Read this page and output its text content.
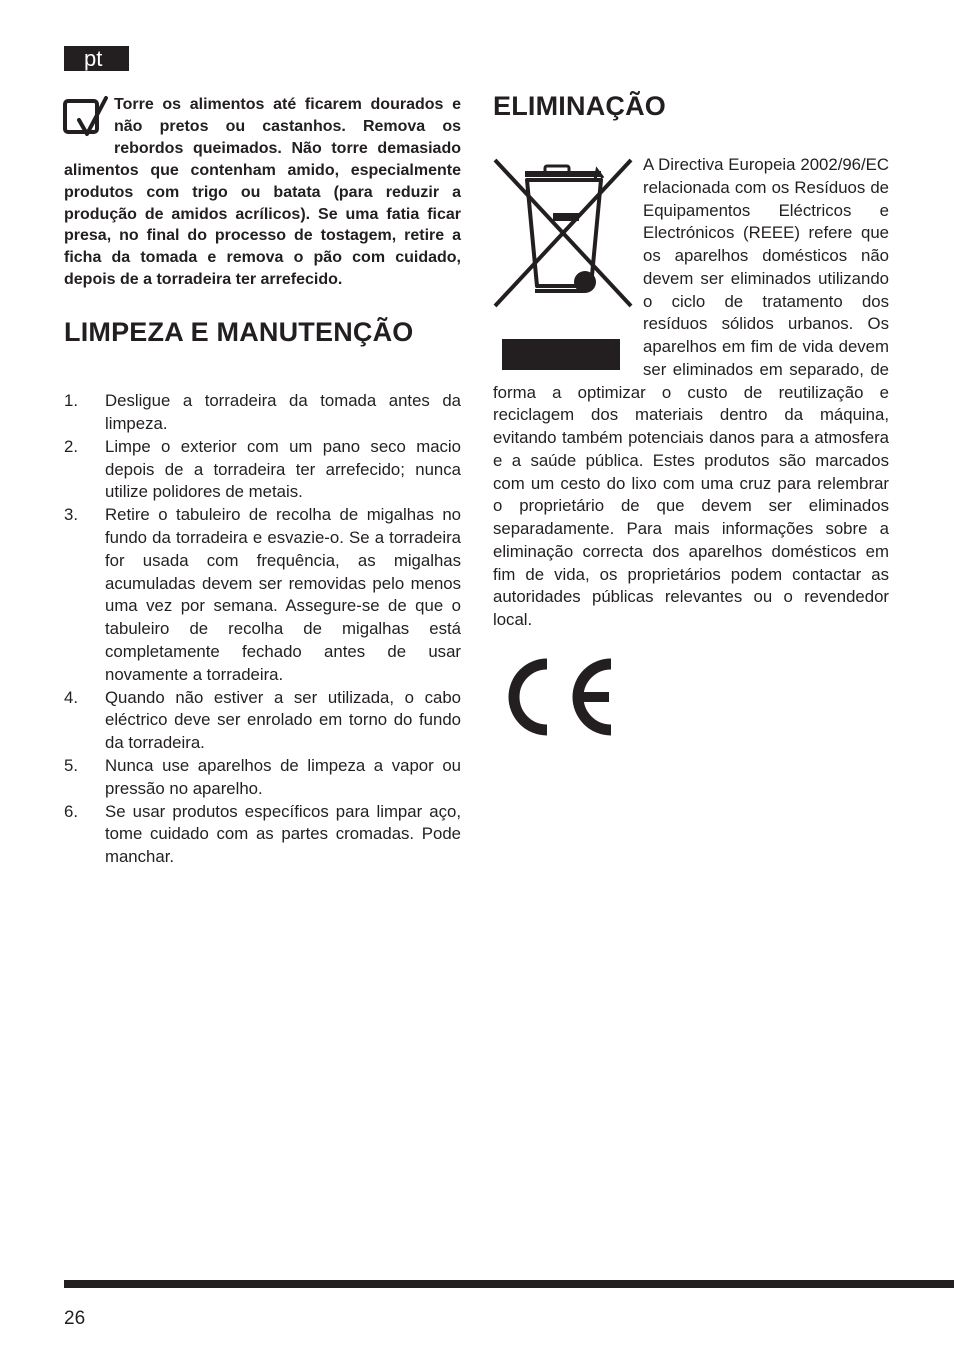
pt

Torre os alimentos até ficarem dourados e não pretos ou castanhos. Remova os rebordos queimados. Não torre demasiado alimentos que contenham amido, especialmente produtos com trigo ou batata (para reduzir a produção de amidos acrílicos). Se uma fatia ficar presa, no final do processo de tostagem, retire a ficha da tomada e remova o pão com cuidado, depois de a torradeira ter arrefecido.

LIMPEZA E MANUTENÇÃO
1. Desligue a torradeira da tomada antes da limpeza.
2. Limpe o exterior com um pano seco macio depois de a torradeira ter arrefecido; nunca utilize polidores de metais.
3. Retire o tabuleiro de recolha de migalhas no fundo da torradeira e esvazie-o. Se a torradeira for usada com frequência, as migalhas acumuladas devem ser removidas pelo menos uma vez por semana. Assegure-se de que o tabuleiro de recolha de migalhas está completamente fechado antes de usar novamente a torradeira.
4. Quando não estiver a ser utilizada, o cabo eléctrico deve ser enrolado em torno do fundo da torradeira.
5. Nunca use aparelhos de limpeza a vapor ou pressão no aparelho.
6. Se usar produtos específicos para limpar aço, tome cuidado com as partes cromadas. Pode manchar.
ELIMINAÇÃO

A Directiva Europeia 2002/96/EC relacionada com os Resíduos de Equipamentos Eléctricos e Electrónicos (REEE) refere que os aparelhos domésticos não devem ser eliminados utilizando o ciclo de tratamento dos resíduos sólidos urbanos. Os aparelhos em fim de vida devem ser eliminados em separado, de forma a optimizar o custo de reutilização e reciclagem dos materiais dentro da máquina, evitando também potenciais danos para a atmosfera e a saúde pública. Estes produtos são marcados com um cesto do lixo com uma cruz para relembrar o proprietário de que devem ser eliminados separadamente. Para mais informações sobre a eliminação correcta dos aparelhos domésticos em fim de vida, os proprietários podem contactar as autoridades públicas relevantes ou o revendedor local.

26
